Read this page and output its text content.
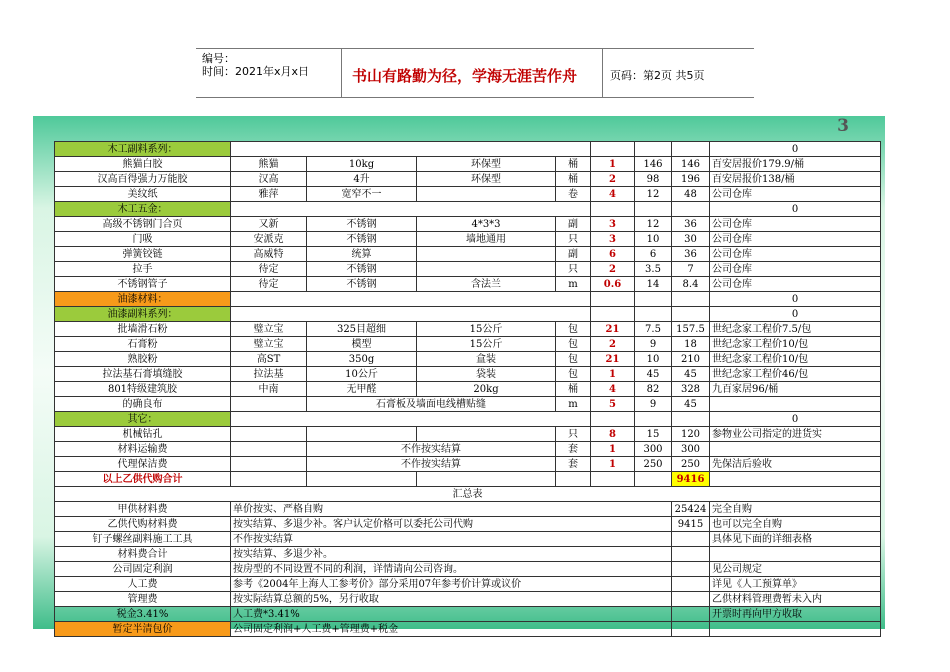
编号：
时间：2021年x月x日	书山有路勤为径，学海无涯苦作舟	页码：第2页 共5页
3
木工副料系列：								0	
熊猫白胶	熊猫	10kg	环保型	桶	1	146	146	百安居报价179.9/桶	
汉高百得强力万能胶	汉高	4升	环保型	桶	2	98	196	百安居报价138/桶	
美纹纸	雅萍	宽窄不一		卷	4	12	48	公司仓库	
木工五金：								0	
高级不锈钢门合页	又新	不锈钢	4*3*3	副	3	12	36	公司仓库	
门吸	安派克	不锈钢	墙地通用	只	3	10	30	公司仓库	
弹簧铰链	高威特	统算		副	6	6	36	公司仓库	
拉手	待定	不锈钢		只	2	3.5	7	公司仓库	
不锈钢管子	待定	不锈钢	含法兰	m	0.6	14	8.4	公司仓库	
油漆材料：								0	
油漆副料系列：								0	
批墙滑石粉	璧立宝	325目超细	15公斤	包	21	7.5	157.5	世纪念家工程价7.5/包	
石膏粉	璧立宝	模型	15公斤	包	2	9	18	世纪念家工程价10/包	
熟胶粉	高ST	350g	盒装	包	21	10	210	世纪念家工程价10/包	
拉法基石膏填缝胶	拉法基	10公斤	袋装	包	1	45	45	世纪念家工程价46/包	
801特级建筑胶	中南	无甲醛	20kg	桶	4	82	328	九百家居96/桶	
的确良布		石膏板及墙面电线槽贴缝		m	5	9	45		
其它：								0	
机械钻孔				只	8	15	120	参物业公司指定的进货实	
材料运输费		不作按实结算		套	1	300	300		
代理保洁费		不作按实结算		套	1	250	250	先保洁后验收	
以上乙供代购合计							9416		
汇总表									
甲供材料费	单价按实、严格自购						25424	完全自购	
乙供代购材料费	按实结算、多退少补。客户认定价格可以委托公司代购						9415	也可以完全自购	
钉子螺丝副料施工工具	不作按实结算							具体见下面的详细表格	
材料费合计	按实结算、多退少补。								
公司固定利润	按房型的不同设置不同的利润，详情请向公司咨询。							见公司规定	
人工费	参考《2004年上海人工参考价》部分采用07年参考价计算或议价							详见《人工预算单》	
管理费	按实际结算总额的5%，另行收取							乙供材料管理费暂未入内	
税金3.41%	人工费*3.41%							开票时再向甲方收取	
暂定半清包价	公司固定利润+人工费+管理费+税金								
